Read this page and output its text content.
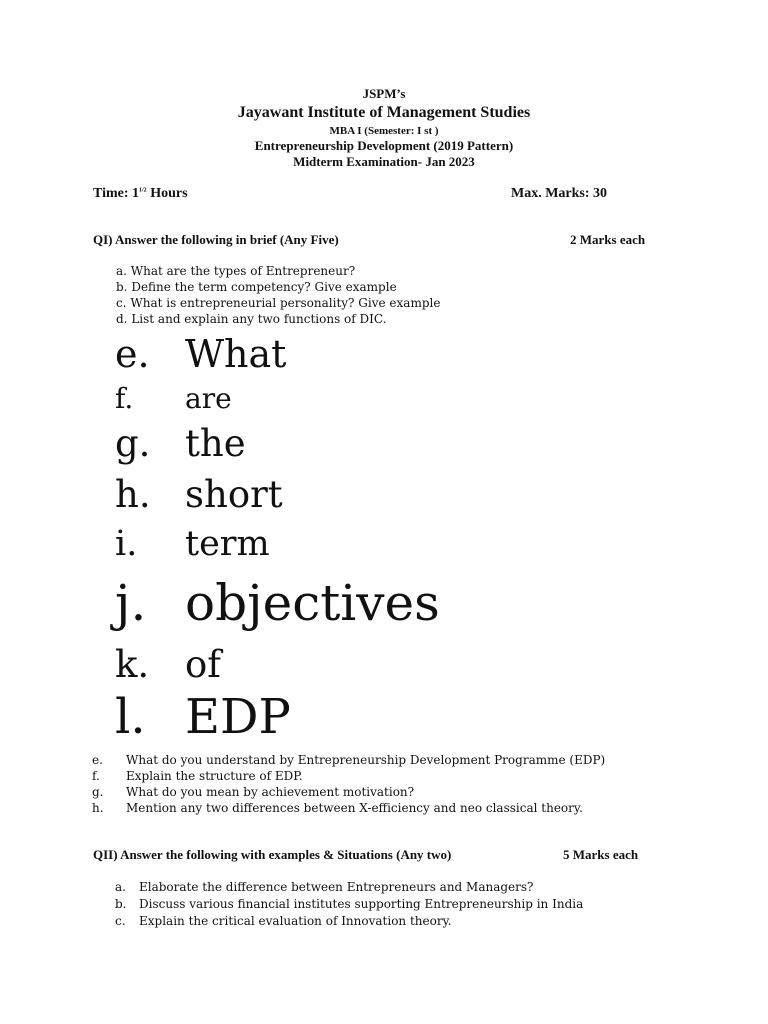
JSPM’s
Jayawant Institute of Management Studies
MBA I (Semester: I st )
Entrepreneurship Development (2019 Pattern)
Midterm Examination- Jan 2023
Time: $1^{1/2}$ Hours	Max. Marks: 30
QI) Answer the following in brief (Any Five)	2 Marks each
a. What are the types of Entrepreneur?
b. Define the term competency? Give example
c. What is entrepreneurial personality? Give example
d. List and explain any two functions of DIC.
e. What
f. are
g. the
h. short
i. term
j. objectives
k. of
l. EDP
e. What do you understand by Entrepreneurship Development Programme (EDP)
f. Explain the structure of EDP.
g. What do you mean by achievement motivation?
h. Mention any two differences between X-efficiency and neo classical theory.
QII) Answer the following with examples & Situations (Any two)	5 Marks each
a. Elaborate the difference between Entrepreneurs and Managers?
b. Discuss various financial institutes supporting Entrepreneurship in India
c. Explain the critical evaluation of Innovation theory.
